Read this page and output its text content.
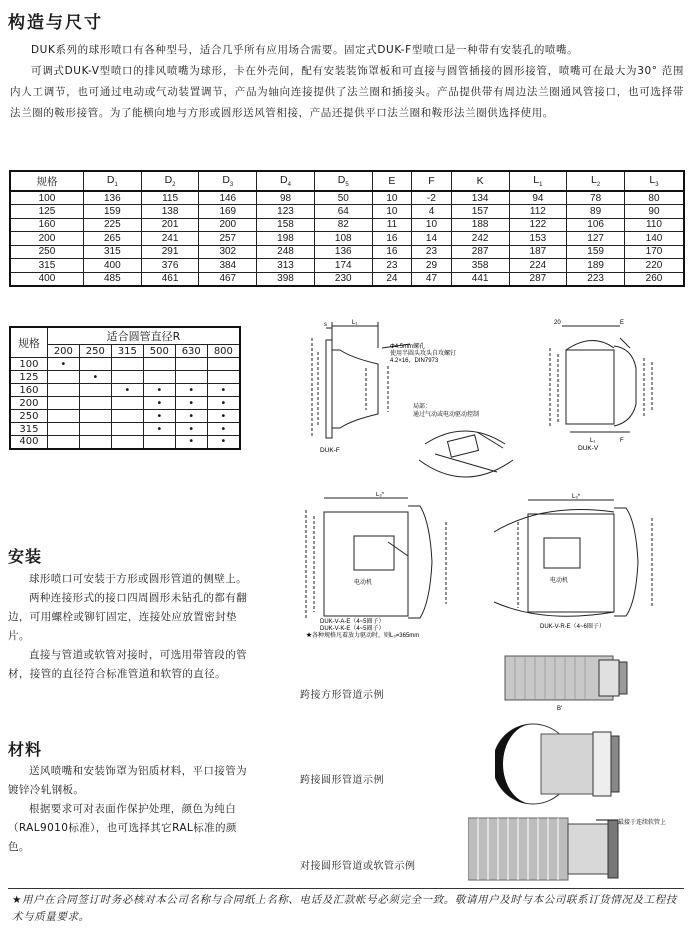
构造与尺寸

DUK系列的球形喷口有各种型号，适合几乎所有应用场合需要。固定式DUK-F型喷口是一种带有安装孔的喷嘴。

可调式DUK-V型喷口的排风喷嘴为球形，卡在外壳间，配有安装装饰罩板和可直接与圆管插接的圆形接管，喷嘴可在最大为30° 范围内人工调节，也可通过电动或气动装置调节，产品为轴向连接提供了法兰圈和插接头。产品提供带有周边法兰圈通风管接口，也可选择带法兰圈的鞍形接管。为了能横向地与方形或圆形送风管相接，产品还提供平口法兰圈和鞍形法兰圈供选择使用。

规格	$D_1$	$D_2$	$D_3$	$D_4$	$D_5$	E	F	K	$L_1$	$L_2$	$L_3$
100	136	115	146	98	50	10	-2	134	94	78	80
125	159	138	169	123	64	10	4	157	112	89	90
160	225	201	200	158	82	11	10	188	122	106	110
200	265	241	257	198	108	16	14	242	153	127	140
250	315	291	302	248	136	16	23	287	187	159	170
315	400	376	384	313	174	23	29	358	224	189	220
400	485	461	467	398	230	24	47	441	287	223	260
规格	适合圆管直径R					
	200	250	315	500	630	800
100	•					
125		•				
160			•	•	•	•
200				•	•	•
250				•	•	•
315				•	•	•
400					•	•
s	L₁
Φ4.5mm螺孔
使用半圆头攻头自攻螺钉
4.2×16，DIN7973
DUK-F
局部：
通过气动或电动驱动控制
20	E
L₁	F
DUK-V
L₃*
电动机
DUK-V-A-E（4~5圈子）
DUK-V-K-E（4~5圈子）
★各种规格凡着放力驱动时，则L₃=365mm
L₃*
电动机
DUK-V-R-E（4~6圈子）
安装

球形喷口可安装于方形或圆形管道的侧壁上。

两种连接形式的接口四周圆形未钻孔的都有翻边，可用螺栓或铆钉固定，连接处应放置密封垫片。

直接与管道或软管对接时，可选用带管段的管材，接管的直径符合标准管道和软管的直径。

材料

送风喷嘴和安装饰罩为铝质材料，平口接管为镀锌冷轧钢板。

根据要求可对表面作保护处理，颜色为纯白（RAL9010标准），也可选择其它RAL标准的颜色。

跨接方形管道示例
B'
跨接圆形管道示例
对接圆形管道或软管示例
最接于连续软管上
★用户在合同签订时务必核对本公司名称与合同纸上名称、电话及汇款帐号必须完全一致。敬请用户及时与本公司联系订货情况及工程技术与质量要求。
